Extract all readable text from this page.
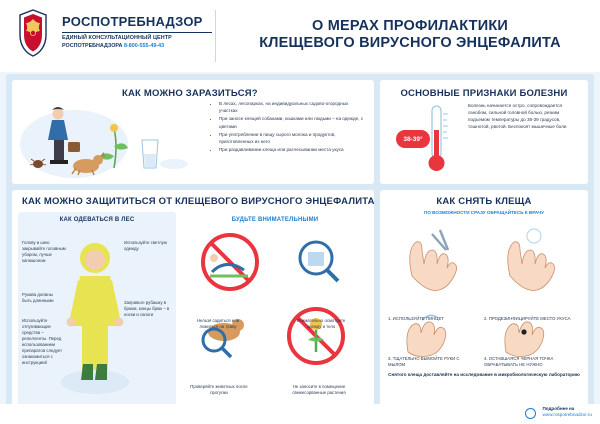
РОСПОТРЕБНАДЗОР
ЕДИНЫЙ КОНСУЛЬТАЦИОННЫЙ ЦЕНТР
РОСПОТРЕБНАДЗОРА 8-800-555-49-43
О МЕРАХ ПРОФИЛАКТИКИ
КЛЕЩЕВОГО ВИРУСНОГО ЭНЦЕФАЛИТА
КАК МОЖНО ЗАРАЗИТЬСЯ?
• В лесах, лесопарках, на индивидуальных садово-огородных участках
• При заносе клещей собаками, кошками или людьми – на одежде, с цветами
• При употреблении в пищу сырого молока и продуктов, приготовленных из него
• При раздавливании клеща или расчесывании места укуса
ОСНОВНЫЕ ПРИЗНАКИ БОЛЕЗНИ
38-39°
Болезнь начинается остро, сопровождается ознобом, сильной головной болью, резким подъемом температуры до 38-39 градусов, тошнотой, рвотой. Беспокоят мышечные боли
КАК МОЖНО ЗАЩИТИТЬСЯ ОТ КЛЕЩЕВОГО ВИРУСНОГО ЭНЦЕФАЛИТА
КАК ОДЕВАТЬСЯ В ЛЕС
Голову и шею закрывайте головным убором, лучше капюшоном
Используйте светлую одежду
Рукава должны быть длинными	Заправьте рубашку в брюки, концы брюк – в носки и сапоги
Используйте отпугивающие средства – репелленты. Перед использованием препаратов следует ознакомиться с инструкцией
БУДЬТЕ ВНИМАТЕЛЬНЫМИ
Нельзя садиться или ложиться на траву
Внимательно осмотрите одежду и тело
Проверяйте животных после прогулки
Не заносите в помещение свежесорванные растения
КАК СНЯТЬ КЛЕЩА
ПО ВОЗМОЖНОСТИ СРАЗУ ОБРАЩАЙТЕСЬ К ВРАЧУ
1. ИСПОЛЬЗУЙТЕ ПИНЦЕТ	2. ПРОДЕЗИНФИЦИРУЙТЕ МЕСТО УКУСА
3. ТЩАТЕЛЬНО ВЫМОЙТЕ РУКИ С МЫЛОМ
4. ОСТАВШАЯСЯ ЧЕРНАЯ ТОЧКА ОБРАБАТЫВАТЬ НЕ НУЖНО
Снятого клеща доставляйте на исследование в микробиологическую лабораторию
Подробнее на
www.rospotrebnadzor.ru
